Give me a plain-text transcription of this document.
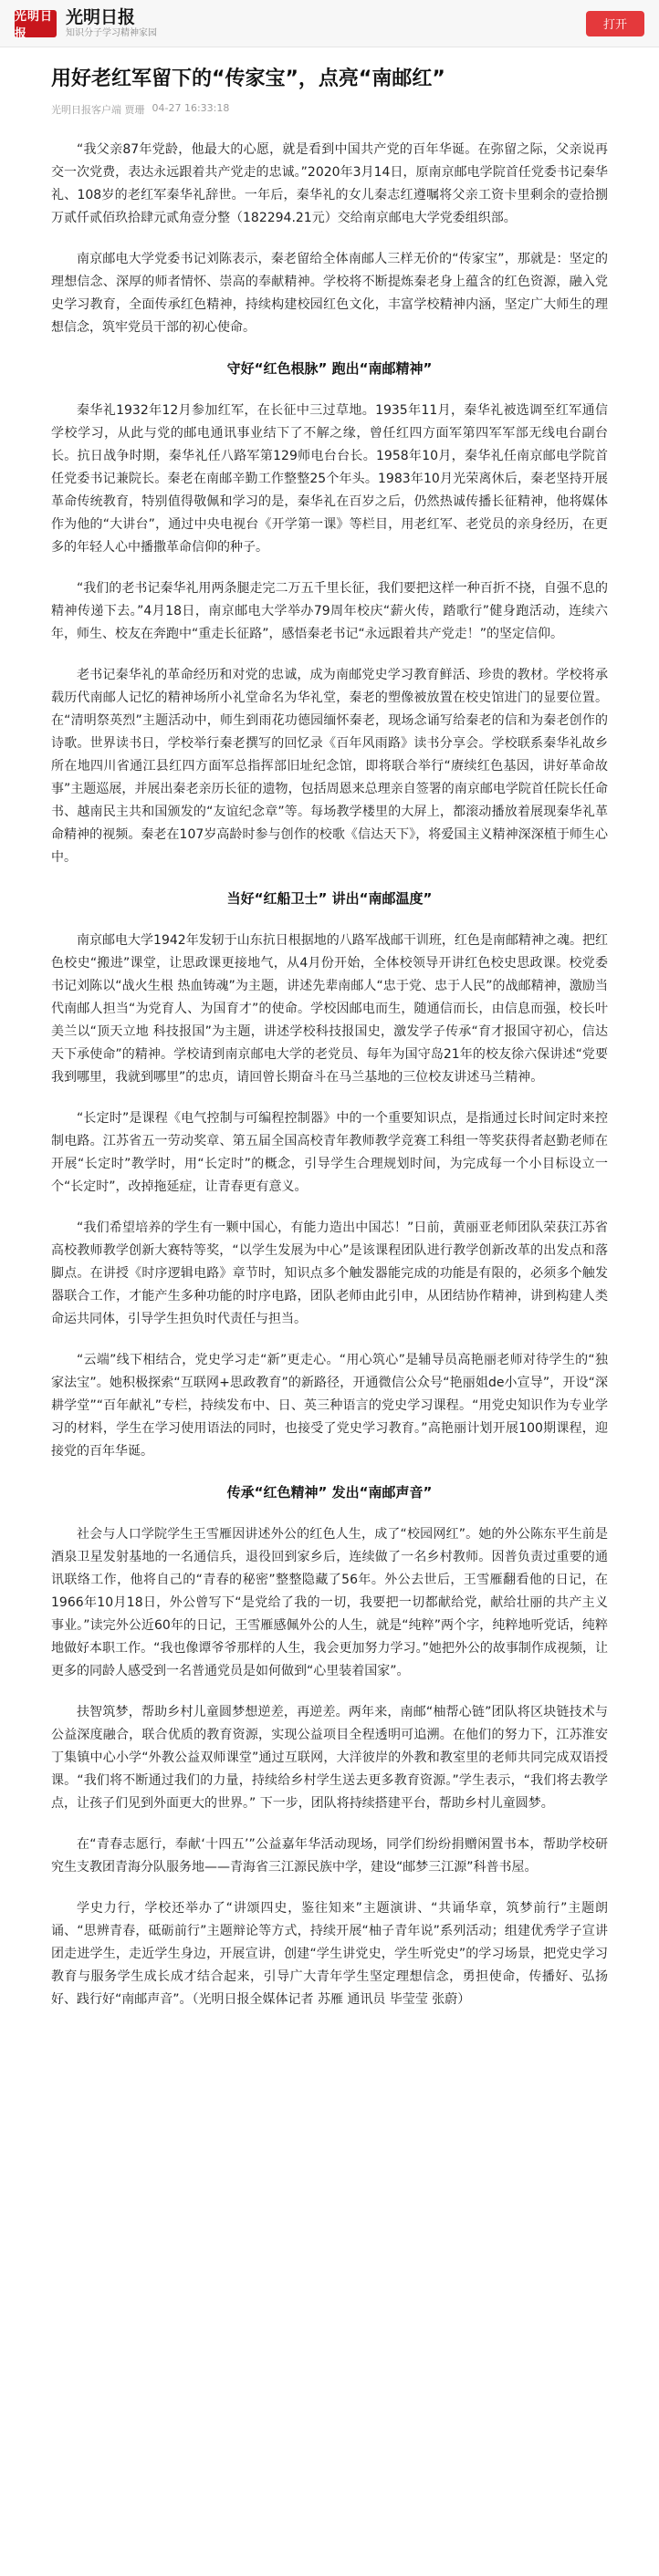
光明日报
光明日报
知识分子学习精神家园
打开
用好老红军留下的“传家宝”，点亮“南邮红”
光明日报客户端 贾珊 04-27 16:33:18

“我父亲87年党龄，他最大的心愿，就是看到中国共产党的百年华诞。在弥留之际，父亲说再交一次党费，表达永远跟着共产党走的忠诚。”2020年3月14日，原南京邮电学院首任党委书记秦华礼、108岁的老红军秦华礼辞世。一年后，秦华礼的女儿秦志红遵嘱将父亲工资卡里剩余的壹拾捌万贰仟贰佰玖拾肆元贰角壹分整（182294.21元）交给南京邮电大学党委组织部。

南京邮电大学党委书记刘陈表示，秦老留给全体南邮人三样无价的“传家宝”，那就是：坚定的理想信念、深厚的师者情怀、崇高的奉献精神。学校将不断提炼秦老身上蕴含的红色资源，融入党史学习教育，全面传承红色精神，持续构建校园红色文化，丰富学校精神内涵，坚定广大师生的理想信念，筑牢党员干部的初心使命。

守好“红色根脉” 跑出“南邮精神”

秦华礼1932年12月参加红军，在长征中三过草地。1935年11月，秦华礼被选调至红军通信学校学习，从此与党的邮电通讯事业结下了不解之缘，曾任红四方面军第四军军部无线电台副台长。抗日战争时期，秦华礼任八路军第129师电台台长。1958年10月，秦华礼任南京邮电学院首任党委书记兼院长。秦老在南邮辛勤工作整整25个年头。1983年10月光荣离休后，秦老坚持开展革命传统教育，特别值得敬佩和学习的是，秦华礼在百岁之后，仍然热诚传播长征精神，他将媒体作为他的“大讲台”，通过中央电视台《开学第一课》等栏目，用老红军、老党员的亲身经历，在更多的年轻人心中播撒革命信仰的种子。

“我们的老书记秦华礼用两条腿走完二万五千里长征，我们要把这样一种百折不挠，自强不息的精神传递下去。”4月18日，南京邮电大学举办79周年校庆“薪火传，踏歌行”健身跑活动，连续六年，师生、校友在奔跑中“重走长征路”，感悟秦老书记“永远跟着共产党走！”的坚定信仰。

老书记秦华礼的革命经历和对党的忠诚，成为南邮党史学习教育鲜活、珍贵的教材。学校将承载历代南邮人记忆的精神场所小礼堂命名为华礼堂，秦老的塑像被放置在校史馆进门的显要位置。在“清明祭英烈”主题活动中，师生到雨花功德园缅怀秦老，现场念诵写给秦老的信和为秦老创作的诗歌。世界读书日，学校举行秦老撰写的回忆录《百年风雨路》读书分享会。学校联系秦华礼故乡所在地四川省通江县红四方面军总指挥部旧址纪念馆，即将联合举行“赓续红色基因，讲好革命故事”主题巡展，并展出秦老亲历长征的遗物，包括周恩来总理亲自签署的南京邮电学院首任院长任命书、越南民主共和国颁发的“友谊纪念章”等。每场教学楼里的大屏上，都滚动播放着展现秦华礼革命精神的视频。秦老在107岁高龄时参与创作的校歌《信达天下》，将爱国主义精神深深植于师生心中。

当好“红船卫士” 讲出“南邮温度”

南京邮电大学1942年发轫于山东抗日根据地的八路军战邮干训班，红色是南邮精神之魂。把红色校史“搬进”课堂，让思政课更接地气，从4月份开始，全体校领导开讲红色校史思政课。校党委书记刘陈以“战火生根 热血铸魂”为主题，讲述先辈南邮人“忠于党、忠于人民”的战邮精神，激励当代南邮人担当“为党育人、为国育才”的使命。学校因邮电而生，随通信而长，由信息而强，校长叶美兰以“顶天立地 科技报国”为主题，讲述学校科技报国史，激发学子传承“育才报国守初心，信达天下承使命”的精神。学校请到南京邮电大学的老党员、每年为国守岛21年的校友徐六保讲述“党要我到哪里，我就到哪里”的忠贞，请回曾长期奋斗在马兰基地的三位校友讲述马兰精神。

“长定时”是课程《电气控制与可编程控制器》中的一个重要知识点，是指通过长时间定时来控制电路。江苏省五一劳动奖章、第五届全国高校青年教师教学竞赛工科组一等奖获得者赵勤老师在开展“长定时”教学时，用“长定时”的概念，引导学生合理规划时间，为完成每一个小目标设立一个“长定时”，改掉拖延症，让青春更有意义。

“我们希望培养的学生有一颗中国心，有能力造出中国芯！”日前，黄丽亚老师团队荣获江苏省高校教师教学创新大赛特等奖，“以学生发展为中心”是该课程团队进行教学创新改革的出发点和落脚点。在讲授《时序逻辑电路》章节时，知识点多个触发器能完成的功能是有限的，必须多个触发器联合工作，才能产生多种功能的时序电路，团队老师由此引申，从团结协作精神，讲到构建人类命运共同体，引导学生担负时代责任与担当。

“云端”线下相结合，党史学习走“新”更走心。“用心筑心”是辅导员高艳丽老师对待学生的“独家法宝”。她积极探索“互联网+思政教育”的新路径，开通微信公众号“艳丽姐de小宣导”，开设“深耕学堂”“百年献礼”专栏，持续发布中、日、英三种语言的党史学习课程。“用党史知识作为专业学习的材料，学生在学习使用语法的同时，也接受了党史学习教育。”高艳丽计划开展100期课程，迎接党的百年华诞。

传承“红色精神” 发出“南邮声音”

社会与人口学院学生王雪雁因讲述外公的红色人生，成了“校园网红”。她的外公陈东平生前是酒泉卫星发射基地的一名通信兵，退役回到家乡后，连续做了一名乡村教师。因普负责过重要的通讯联络工作，他将自己的“青春的秘密”整整隐藏了56年。外公去世后，王雪雁翻看他的日记，在1966年10月18日，外公曾写下“是党给了我的一切，我要把一切都献给党，献给壮丽的共产主义事业。”读完外公近60年的日记，王雪雁感佩外公的人生，就是“纯粹”两个字，纯粹地听党话，纯粹地做好本职工作。“我也像谭爷爷那样的人生，我会更加努力学习。”她把外公的故事制作成视频，让更多的同龄人感受到一名普通党员是如何做到“心里装着国家”。

扶智筑梦，帮助乡村儿童圆梦想逆差，再逆差。两年来，南邮“柚帮心链”团队将区块链技术与公益深度融合，联合优质的教育资源，实现公益项目全程透明可追溯。在他们的努力下，江苏淮安丁集镇中心小学“外教公益双师课堂”通过互联网，大洋彼岸的外教和教室里的老师共同完成双语授课。“我们将不断通过我们的力量，持续给乡村学生送去更多教育资源。”学生表示，“我们将去教学点，让孩子们见到外面更大的世界。” 下一步，团队将持续搭建平台，帮助乡村儿童圆梦。

在“青春志愿行，奉献‘十四五’”公益嘉年华活动现场，同学们纷纷捐赠闲置书本，帮助学校研究生支教团青海分队服务地——青海省三江源民族中学，建设“邮梦三江源”科普书屋。

学史力行，学校还举办了“讲颂四史，鉴往知来”主题演讲、“共诵华章，筑梦前行”主题朗诵、“思辨青春，砥砺前行”主题辩论等方式，持续开展“柚子青年说”系列活动；组建优秀学子宣讲团走进学生，走近学生身边，开展宣讲，创建“学生讲党史，学生听党史”的学习场景，把党史学习教育与服务学生成长成才结合起来，引导广大青年学生坚定理想信念，勇担使命，传播好、弘扬好、践行好“南邮声音”。（光明日报全媒体记者 苏雁 通讯员 毕莹莹 张蔚）
